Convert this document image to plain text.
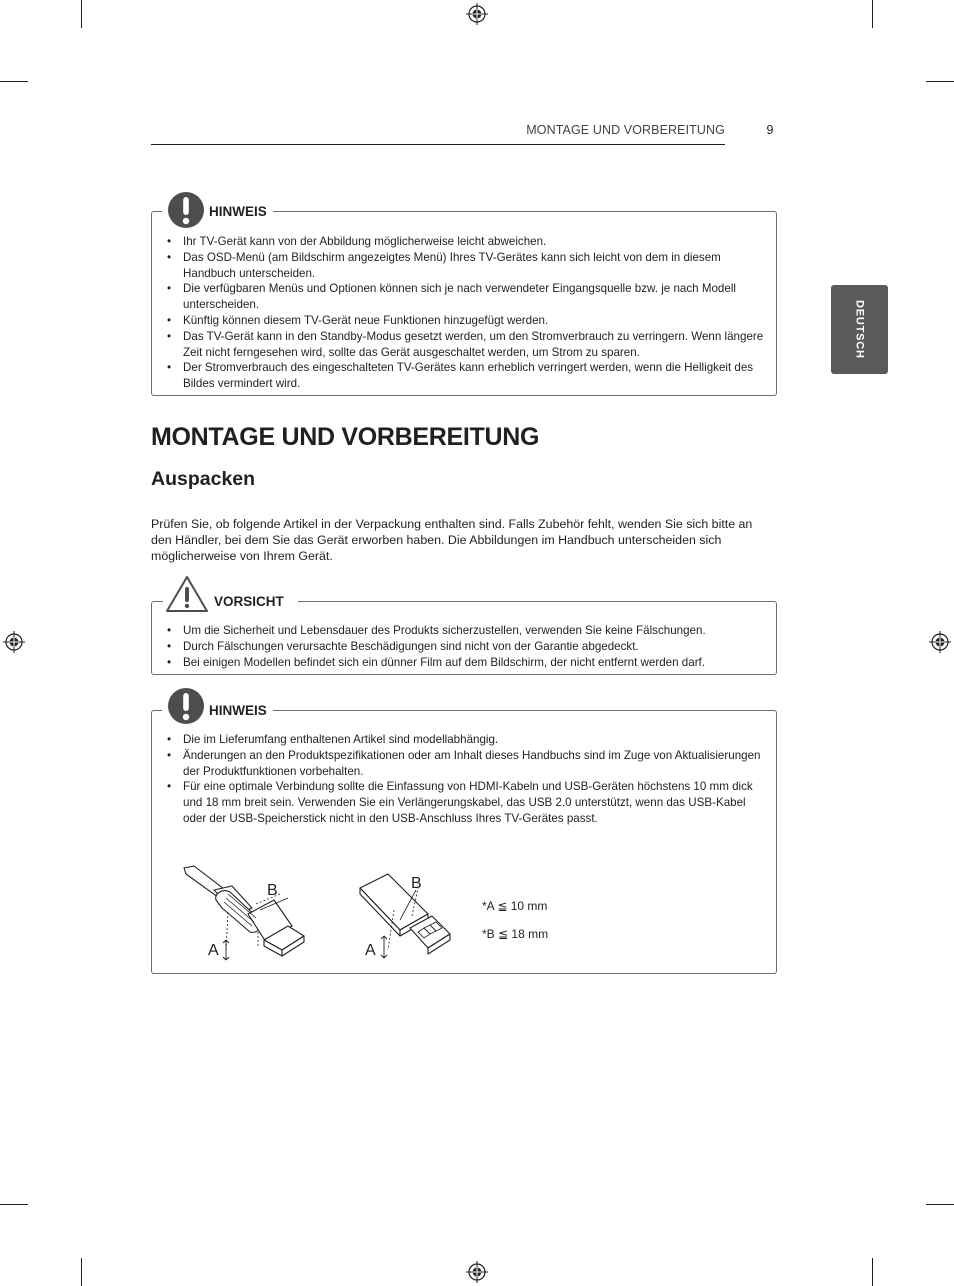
MONTAGE UND VORBEREITUNG	9
DEUTSCH
• Ihr TV-Gerät kann von der Abbildung möglicherweise leicht abweichen.
• Das OSD-Menü (am Bildschirm angezeigtes Menü) Ihres TV-Gerätes kann sich leicht von dem in diesem Handbuch unterscheiden.
• Die verfügbaren Menüs und Optionen können sich je nach verwendeter Eingangsquelle bzw. je nach Modell unterscheiden.
• Künftig können diesem TV-Gerät neue Funktionen hinzugefügt werden.
• Das TV-Gerät kann in den Standby-Modus gesetzt werden, um den Stromverbrauch zu verringern. Wenn längere Zeit nicht ferngesehen wird, sollte das Gerät ausgeschaltet werden, um Strom zu sparen.
• Der Stromverbrauch des eingeschalteten TV-Gerätes kann erheblich verringert werden, wenn die Helligkeit des Bildes vermindert wird.
HINWEIS
MONTAGE UND VORBEREITUNG
Auspacken
Prüfen Sie, ob folgende Artikel in der Verpackung enthalten sind. Falls Zubehör fehlt, wenden Sie sich bitte an den Händler, bei dem Sie das Gerät erworben haben. Die Abbildungen im Handbuch unterscheiden sich möglicherweise von Ihrem Gerät.
• Um die Sicherheit und Lebensdauer des Produkts sicherzustellen, verwenden Sie keine Fälschungen.
• Durch Fälschungen verursachte Beschädigungen sind nicht von der Garantie abgedeckt.
• Bei einigen Modellen befindet sich ein dünner Film auf dem Bildschirm, der nicht entfernt werden darf.
VORSICHT
• Die im Lieferumfang enthaltenen Artikel sind modellabhängig.
• Änderungen an den Produktspezifikationen oder am Inhalt dieses Handbuchs sind im Zuge von Aktualisierungen der Produktfunktionen vorbehalten.
• Für eine optimale Verbindung sollte die Einfassung von HDMI-Kabeln und USB-Geräten höchstens 10 mm dick und 18 mm breit sein. Verwenden Sie ein Verlängerungskabel, das USB 2.0 unterstützt, wenn das USB-Kabel oder der USB-Speicherstick nicht in den USB-Anschluss Ihres TV-Gerätes passt.
HINWEIS
B
A
B
A
*A ≦ 10 mm
*B ≦ 18 mm
